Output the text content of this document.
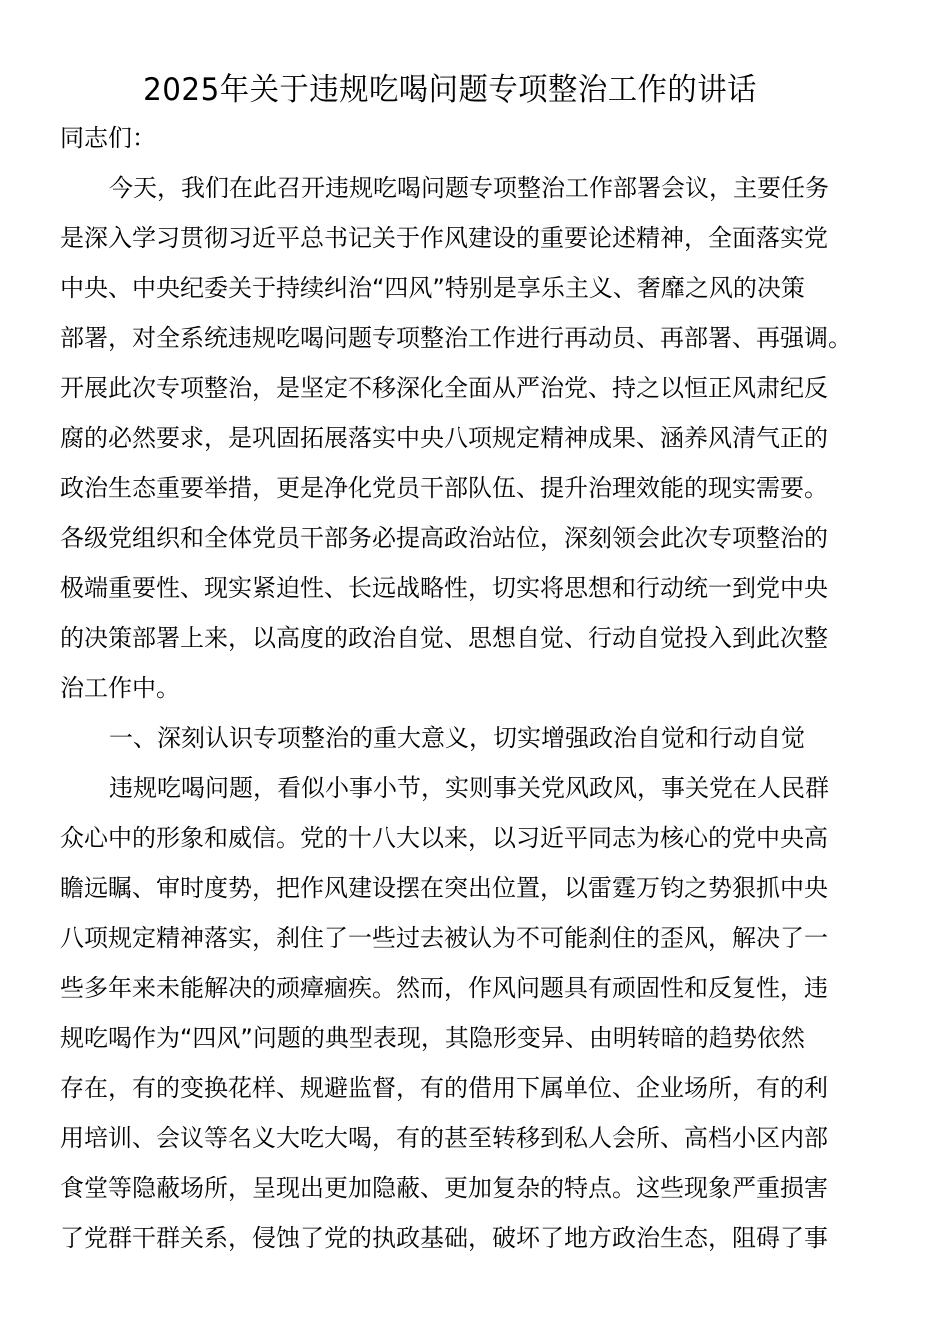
2025年关于违规吃喝问题专项整治工作的讲话
同志们：
今天，我们在此召开违规吃喝问题专项整治工作部署会议，主要任务
是深入学习贯彻习近平总书记关于作风建设的重要论述精神，全面落实党
中央、中央纪委关于持续纠治“四风”特别是享乐主义、奢靡之风的决策
部署，对全系统违规吃喝问题专项整治工作进行再动员、再部署、再强调。
开展此次专项整治，是坚定不移深化全面从严治党、持之以恒正风肃纪反
腐的必然要求，是巩固拓展落实中央八项规定精神成果、涵养风清气正的
政治生态重要举措，更是净化党员干部队伍、提升治理效能的现实需要。
各级党组织和全体党员干部务必提高政治站位，深刻领会此次专项整治的
极端重要性、现实紧迫性、长远战略性，切实将思想和行动统一到党中央
的决策部署上来，以高度的政治自觉、思想自觉、行动自觉投入到此次整
治工作中。
一、深刻认识专项整治的重大意义，切实增强政治自觉和行动自觉
违规吃喝问题，看似小事小节，实则事关党风政风，事关党在人民群
众心中的形象和威信。党的十八大以来，以习近平同志为核心的党中央高
瞻远瞩、审时度势，把作风建设摆在突出位置，以雷霆万钧之势狠抓中央
八项规定精神落实，刹住了一些过去被认为不可能刹住的歪风，解决了一
些多年来未能解决的顽瘴痼疾。然而，作风问题具有顽固性和反复性，违
规吃喝作为“四风”问题的典型表现，其隐形变异、由明转暗的趋势依然
存在，有的变换花样、规避监督，有的借用下属单位、企业场所，有的利
用培训、会议等名义大吃大喝，有的甚至转移到私人会所、高档小区内部
食堂等隐蔽场所，呈现出更加隐蔽、更加复杂的特点。这些现象严重损害
了党群干群关系，侵蚀了党的执政基础，破坏了地方政治生态，阻碍了事
